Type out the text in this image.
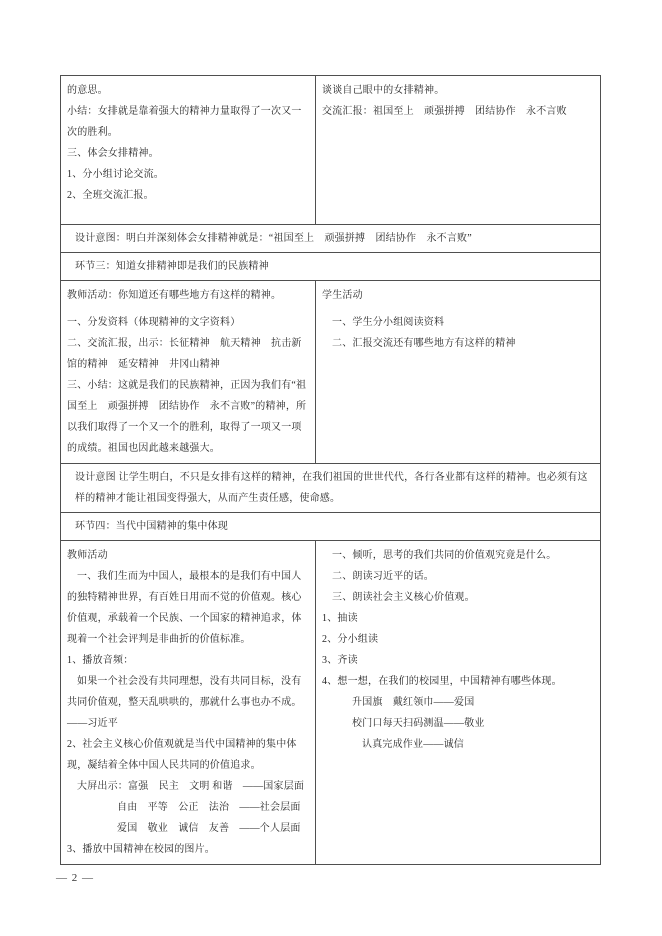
的意思。

小结：女排就是靠着强大的精神力量取得了一次又一次的胜利。

三、体会女排精神。

1、分小组讨论交流。

2、全班交流汇报。

谈谈自己眼中的女排精神。

交流汇报：祖国至上　顽强拼搏　团结协作　永不言败

设计意图：明白并深刻体会女排精神就是：“祖国至上　顽强拼搏　团结协作　永不言败”

环节三：知道女排精神即是我们的民族精神

教师活动：你知道还有哪些地方有这样的精神。

一、分发资料（体现精神的文字资料）

二、交流汇报，出示：长征精神　航天精神　抗击新馆的精神　延安精神　井冈山精神

三、小结：这就是我们的民族精神，正因为我们有“祖国至上　顽强拼搏　团结协作　永不言败”的精神，所以我们取得了一个又一个的胜利，取得了一项又一项的成绩。祖国也因此越来越强大。

学生活动

一、学生分小组阅读资料

二、汇报交流还有哪些地方有这样的精神

设计意图 让学生明白，不只是女排有这样的精神，在我们祖国的世世代代，各行各业都有这样的精神。也必须有这样的精神才能让祖国变得强大，从而产生责任感，使命感。

环节四：当代中国精神的集中体现

教师活动

一、我们生而为中国人，最根本的是我们有中国人的独特精神世界，有百姓日用而不觉的价值观。核心价值观，承载着一个民族、一个国家的精神追求，体现着一个社会评判是非曲折的价值标准。

1、播放音频：

如果一个社会没有共同理想，没有共同目标，没有共同价值观，整天乱哄哄的，那就什么事也办不成。——习近平

2、社会主义核心价值观就是当代中国精神的集中体现，凝结着全体中国人民共同的价值追求。

大屏出示：富强　民主　文明 和谐　——国家层面

自由　平等　公正　法治　——社会层面

爱国　敬业　诚信　友善　——个人层面

3、播放中国精神在校园的图片。

一、倾听，思考的我们共同的价值观究竟是什么。

二、朗读习近平的话。

三、朗读社会主义核心价值观。

1、抽读

2、分小组读

3、齐读

4、想一想，在我们的校园里，中国精神有哪些体现。

升国旗　戴红领巾——爱国

校门口每天扫码测温——敬业

认真完成作业——诚信

— 2 —
